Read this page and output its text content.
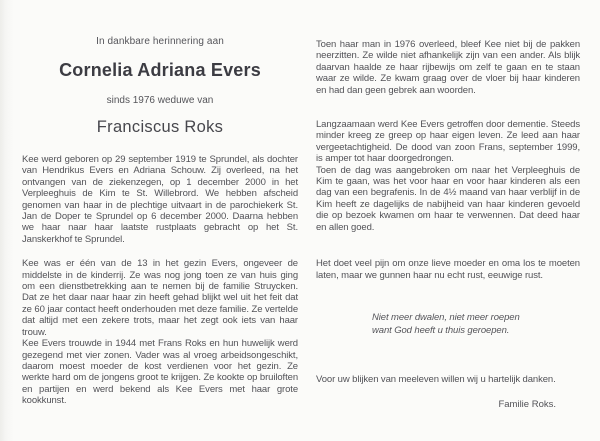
In dankbare herinnering aan

Cornelia Adriana Evers

sinds 1976 weduwe van

Franciscus Roks

Kee werd geboren op 29 september 1919 te Sprundel, als dochter van Hendrikus Evers en Adriana Schouw. Zij overleed, na het ontvangen van de ziekenzegen, op 1 december 2000 in het Verpleeghuis de Kim te St. Willebrord. We hebben afscheid genomen van haar in de plechtige uitvaart in de parochiekerk St. Jan de Doper te Sprundel op 6 december 2000. Daarna hebben we haar naar haar laatste rustplaats gebracht op het St. Janskerkhof te Sprundel.

Kee was er één van de 13 in het gezin Evers, ongeveer de middelste in de kinderrij. Ze was nog jong toen ze van huis ging om een dienstbetrekking aan te nemen bij de familie Struycken. Dat ze het daar naar haar zin heeft gehad blijkt wel uit het feit dat ze 60 jaar contact heeft onderhouden met deze familie. Ze vertelde dat altijd met een zekere trots, maar het zegt ook iets van haar trouw.

Kee Evers trouwde in 1944 met Frans Roks en hun huwelijk werd gezegend met vier zonen. Vader was al vroeg arbeidsongeschikt, daarom moest moeder de kost verdienen voor het gezin. Ze werkte hard om de jongens groot te krijgen. Ze kookte op bruiloften en partijen en werd bekend als Kee Evers met haar grote kookkunst.

Toen haar man in 1976 overleed, bleef Kee niet bij de pakken neerzitten. Ze wilde niet afhankelijk zijn van een ander. Als blijk daarvan haalde ze haar rijbewijs om zelf te gaan en te staan waar ze wilde. Ze kwam graag over de vloer bij haar kinderen en had dan geen gebrek aan woorden.

Langzaamaan werd Kee Evers getroffen door dementie. Steeds minder kreeg ze greep op haar eigen leven. Ze leed aan haar vergeetachtigheid. De dood van zoon Frans, september 1999, is amper tot haar doorgedrongen.

Toen de dag was aangebroken om naar het Verpleeghuis de Kim te gaan, was het voor haar en voor haar kinderen als een dag van een begrafenis. In de 4½ maand van haar verblijf in de Kim heeft ze dagelijks de nabijheid van haar kinderen gevoeld die op bezoek kwamen om haar te verwennen. Dat deed haar en allen goed.

Het doet veel pijn om onze lieve moeder en oma los te moeten laten, maar we gunnen haar nu echt rust, eeuwige rust.

Niet meer dwalen, niet meer roepen

want God heeft u thuis geroepen.

Voor uw blijken van meeleven willen wij u hartelijk danken.

Familie Roks.
